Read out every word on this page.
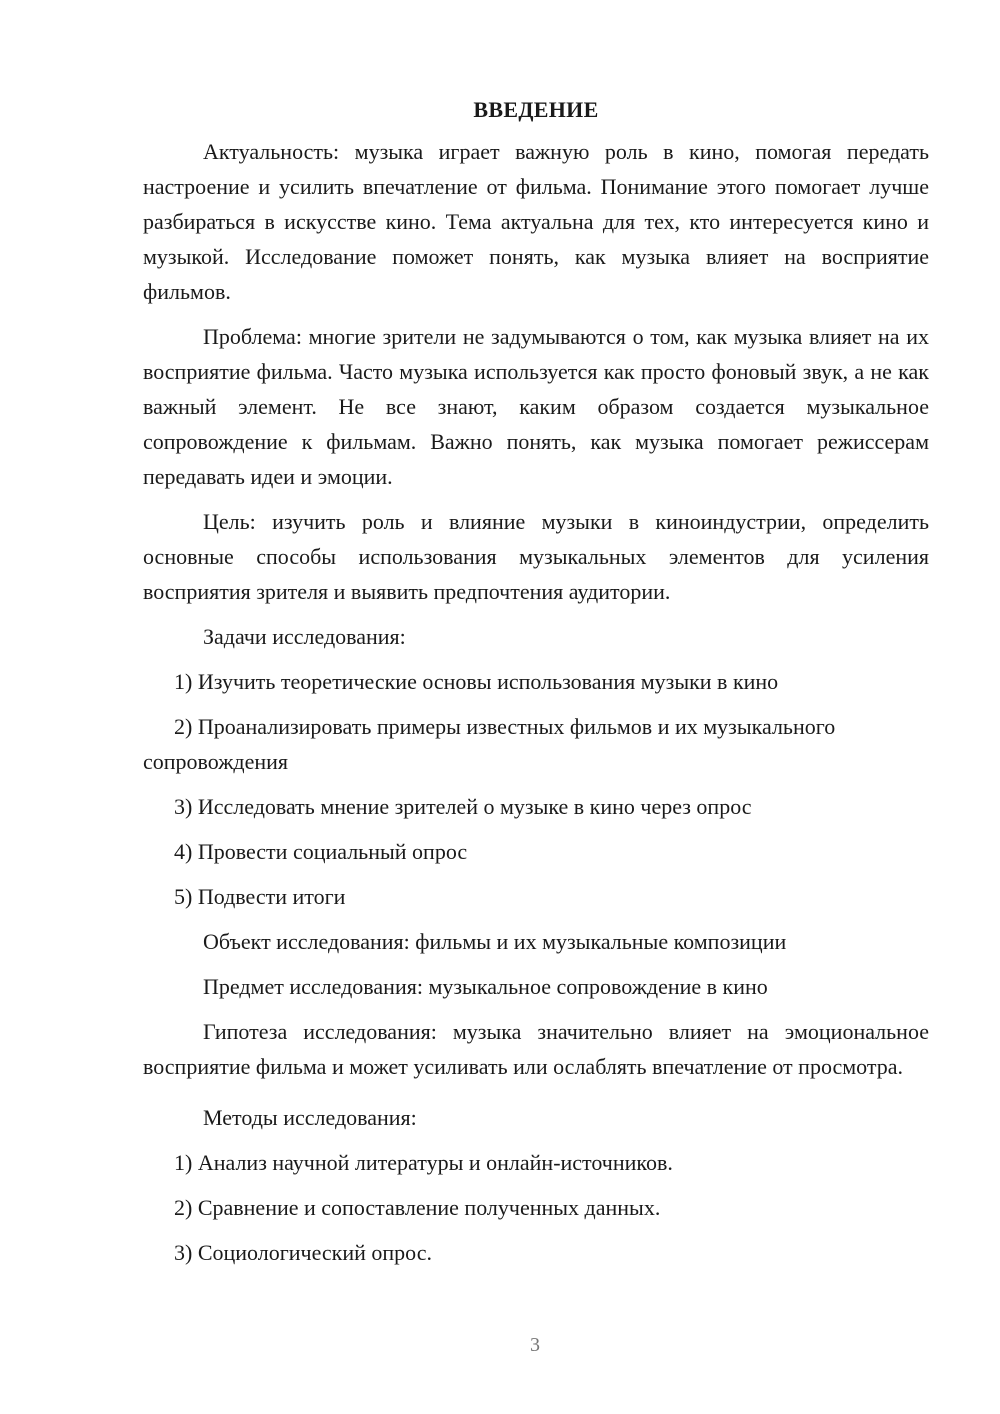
ВВЕДЕНИЕ

Актуальность: музыка играет важную роль в кино, помогая передать настроение и усилить впечатление от фильма. Понимание этого помогает лучше разбираться в искусстве кино. Тема актуальна для тех, кто интересуется кино и музыкой. Исследование поможет понять, как музыка влияет на восприятие фильмов.

Проблема: многие зрители не задумываются о том, как музыка влияет на их восприятие фильма. Часто музыка используется как просто фоновый звук, а не как важный элемент. Не все знают, каким образом создается музыкальное сопровождение к фильмам. Важно понять, как музыка помогает режиссерам передавать идеи и эмоции.

Цель: изучить роль и влияние музыки в киноиндустрии, определить основные способы использования музыкальных элементов для усиления восприятия зрителя и выявить предпочтения аудитории.

Задачи исследования:

1) Изучить теоретические основы использования музыки в кино

2) Проанализировать примеры известных фильмов и их музыкального сопровождения

3) Исследовать мнение зрителей о музыке в кино через опрос

4) Провести социальный опрос

5) Подвести итоги

Объект исследования: фильмы и их музыкальные композиции

Предмет исследования: музыкальное сопровождение в кино

Гипотеза исследования: музыка значительно влияет на эмоциональное восприятие фильма и может усиливать или ослаблять впечатление от просмотра.

Методы исследования:

1) Анализ научной литературы и онлайн-источников.

2) Сравнение и сопоставление полученных данных.

3) Социологический опрос.

3
